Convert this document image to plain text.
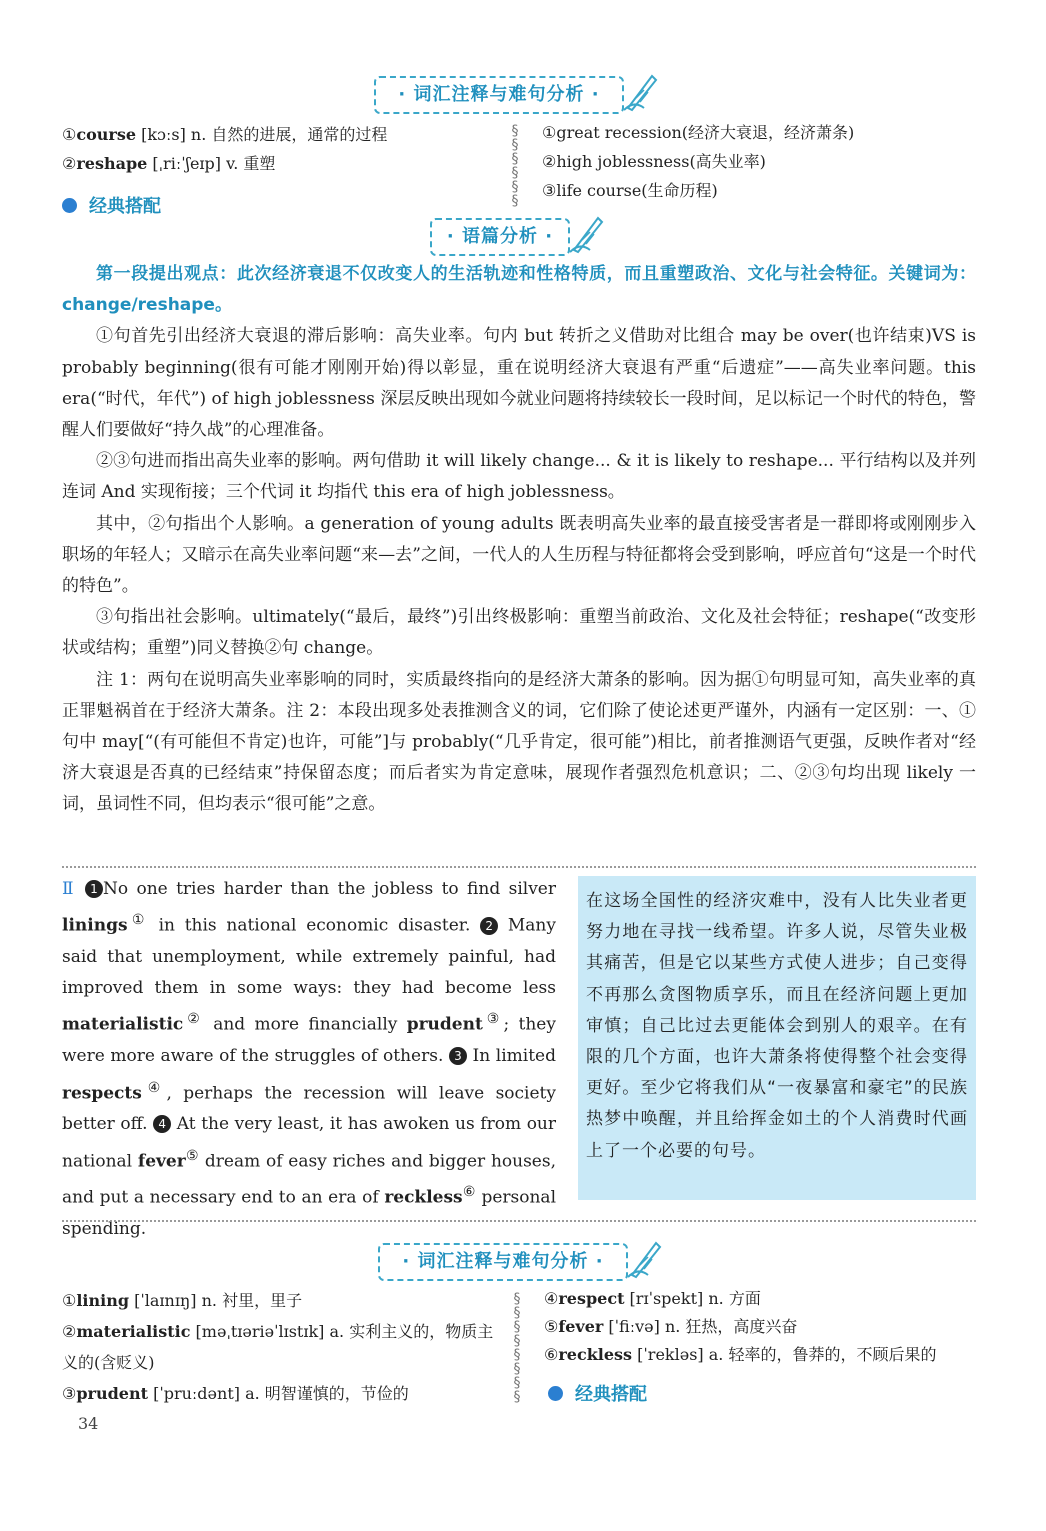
· 词汇注释与难句分析 ·
①course [kɔːs] n. 自然的进展，通常的过程
②reshape [ˌriːˈʃeɪp] v. 重塑
§
§
§
§
§
§
①great recession(经济大衰退，经济萧条)
②high joblessness(高失业率)
③life course(生命历程)
经典搭配
· 语篇分析 ·

第一段提出观点：此次经济衰退不仅改变人的生活轨迹和性格特质，而且重塑政治、文化与社会特征。关键词为：change/reshape。

①句首先引出经济大衰退的滞后影响：高失业率。句内 but 转折之义借助对比组合 may be over(也许结束)VS is probably beginning(很有可能才刚刚开始)得以彰显，重在说明经济大衰退有严重“后遗症”——高失业率问题。this era(“时代，年代”) of high joblessness 深层反映出现如今就业问题将持续较长一段时间，足以标记一个时代的特色，警醒人们要做好“持久战”的心理准备。

②③句进而指出高失业率的影响。两句借助 it will likely change... & it is likely to reshape... 平行结构以及并列连词 And 实现衔接；三个代词 it 均指代 this era of high joblessness。

其中，②句指出个人影响。a generation of young adults 既表明高失业率的最直接受害者是一群即将或刚刚步入职场的年轻人；又暗示在高失业率问题“来—去”之间，一代人的人生历程与特征都将会受到影响，呼应首句“这是一个时代的特色”。

③句指出社会影响。ultimately(“最后，最终”)引出终极影响：重塑当前政治、文化及社会特征；reshape(“改变形状或结构；重塑”)同义替换②句 change。

注 1：两句在说明高失业率影响的同时，实质最终指向的是经济大萧条的影响。因为据①句明显可知，高失业率的真正罪魁祸首在于经济大萧条。注 2：本段出现多处表推测含义的词，它们除了使论述更严谨外，内涵有一定区别：一、①句中 may[“(有可能但不肯定)也许，可能”]与 probably(“几乎肯定，很可能”)相比，前者推测语气更强，反映作者对“经济大衰退是否真的已经结束”持保留态度；而后者实为肯定意味，展现作者强烈危机意识；二、②③句均出现 likely 一词，虽词性不同，但均表示“很可能”之意。

Ⅱ 1 No one tries harder than the jobless to find silver linings① in this national economic disaster. 2 Many said that unemployment, while extremely painful, had improved them in some ways: they had become less materialistic② and more financially prudent③; they were more aware of the struggles of others. 3 In limited respects④, perhaps the recession will leave society better off. 4 At the very least, it has awoken us from our national fever⑤ dream of easy riches and bigger houses, and put a necessary end to an era of reckless⑥ personal spending.
在这场全国性的经济灾难中，没有人比失业者更努力地在寻找一线希望。许多人说，尽管失业极其痛苦，但是它以某些方式使人进步；自己变得不再那么贪图物质享乐，而且在经济问题上更加审慎；自己比过去更能体会到别人的艰辛。在有限的几个方面，也许大萧条将使得整个社会变得更好。至少它将我们从“一夜暴富和豪宅”的民族热梦中唤醒，并且给挥金如土的个人消费时代画上了一个必要的句号。
· 词汇注释与难句分析 ·
①lining [ˈlaɪnɪŋ] n. 衬里，里子
②materialistic [məˌtɪəriəˈlɪstɪk] a. 实利主义的，物质主义的(含贬义)
③prudent [ˈpruːdənt] a. 明智谨慎的，节俭的
§
§
§
§
§
§
§
§
④respect [rɪˈspekt] n. 方面
⑤fever [ˈfiːvə] n. 狂热，高度兴奋
⑥reckless [ˈrekləs] a. 轻率的，鲁莽的，不顾后果的
经典搭配
34
